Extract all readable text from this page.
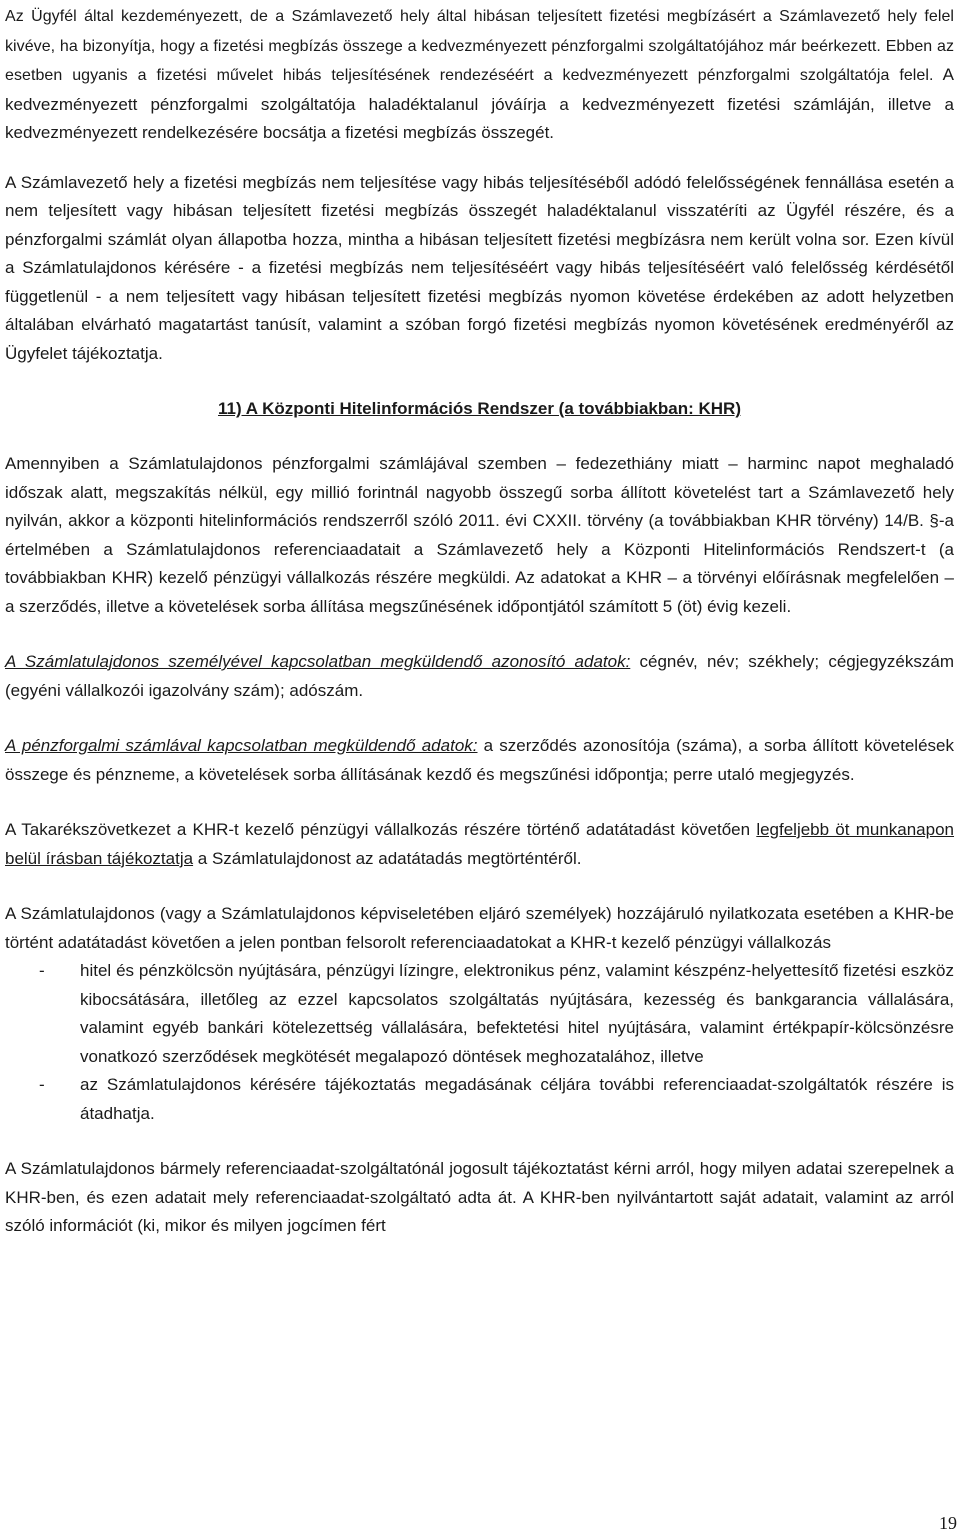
Az Ügyfél által kezdeményezett, de a Számlavezető hely által hibásan teljesített fizetési megbízásért a Számlavezető hely felel kivéve, ha bizonyítja, hogy a fizetési megbízás összege a kedvezményezett pénzforgalmi szolgáltatójához már beérkezett. Ebben az esetben ugyanis a fizetési művelet hibás teljesítésének rendezéséért a kedvezményezett pénzforgalmi szolgáltatója felel. A kedvezményezett pénzforgalmi szolgáltatója haladéktalanul jóváírja a kedvezményezett fizetési számláján, illetve a kedvezményezett rendelkezésére bocsátja a fizetési megbízás összegét.

A Számlavezető hely a fizetési megbízás nem teljesítése vagy hibás teljesítéséből adódó felelősségének fennállása esetén a nem teljesített vagy hibásan teljesített fizetési megbízás összegét haladéktalanul visszatéríti az Ügyfél részére, és a pénzforgalmi számlát olyan állapotba hozza, mintha a hibásan teljesített fizetési megbízásra nem került volna sor. Ezen kívül a Számlatulajdonos kérésére - a fizetési megbízás nem teljesítéséért vagy hibás teljesítéséért való felelősség kérdésétől függetlenül - a nem teljesített vagy hibásan teljesített fizetési megbízás nyomon követése érdekében az adott helyzetben általában elvárható magatartást tanúsít, valamint a szóban forgó fizetési megbízás nyomon követésének eredményéről az Ügyfelet tájékoztatja.

11) A Központi Hitelinformációs Rendszer (a továbbiakban: KHR)

Amennyiben a Számlatulajdonos pénzforgalmi számlájával szemben – fedezethiány miatt – harminc napot meghaladó időszak alatt, megszakítás nélkül, egy millió forintnál nagyobb összegű sorba állított követelést tart a Számlavezető hely nyilván, akkor a központi hitelinformációs rendszerről szóló 2011. évi CXXII. törvény (a továbbiakban KHR törvény) 14/B. §-a értelmében a Számlatulajdonos referenciaadatait a Számlavezető hely a Központi Hitelinformációs Rendszert-t (a továbbiakban KHR) kezelő pénzügyi vállalkozás részére megküldi. Az adatokat a KHR – a törvényi előírásnak megfelelően – a szerződés, illetve a követelések sorba állítása megszűnésének időpontjától számított 5 (öt) évig kezeli.

A Számlatulajdonos személyével kapcsolatban megküldendő azonosító adatok: cégnév, név; székhely; cégjegyzékszám (egyéni vállalkozói igazolvány szám); adószám.

A pénzforgalmi számlával kapcsolatban megküldendő adatok: a szerződés azonosítója (száma), a sorba állított követelések összege és pénzneme, a követelések sorba állításának kezdő és megszűnési időpontja; perre utaló megjegyzés.

A Takarékszövetkezet a KHR-t kezelő pénzügyi vállalkozás részére történő adatátadást követően legfeljebb öt munkanapon belül írásban tájékoztatja a Számlatulajdonost az adatátadás megtörténtéről.

A Számlatulajdonos (vagy a Számlatulajdonos képviseletében eljáró személyek) hozzájáruló nyilatkozata esetében a KHR-be történt adatátadást követően a jelen pontban felsorolt referenciaadatokat a KHR-t kezelő pénzügyi vállalkozás

- hitel és pénzkölcsön nyújtására, pénzügyi lízingre, elektronikus pénz, valamint készpénz-helyettesítő fizetési eszköz kibocsátására, illetőleg az ezzel kapcsolatos szolgáltatás nyújtására, kezesség és bankgarancia vállalására, valamint egyéb bankári kötelezettség vállalására, befektetési hitel nyújtására, valamint értékpapír-kölcsönzésre vonatkozó szerződések megkötését megalapozó döntések meghozatalához, illetve
- az Számlatulajdonos kérésére tájékoztatás megadásának céljára további referenciaadat-szolgáltatók részére is átadhatja.

A Számlatulajdonos bármely referenciaadat-szolgáltatónál jogosult tájékoztatást kérni arról, hogy milyen adatai szerepelnek a KHR-ben, és ezen adatait mely referenciaadat-szolgáltató adta át. A KHR-ben nyilvántartott saját adatait, valamint az arról szóló információt (ki, mikor és milyen jogcímen fért

19
